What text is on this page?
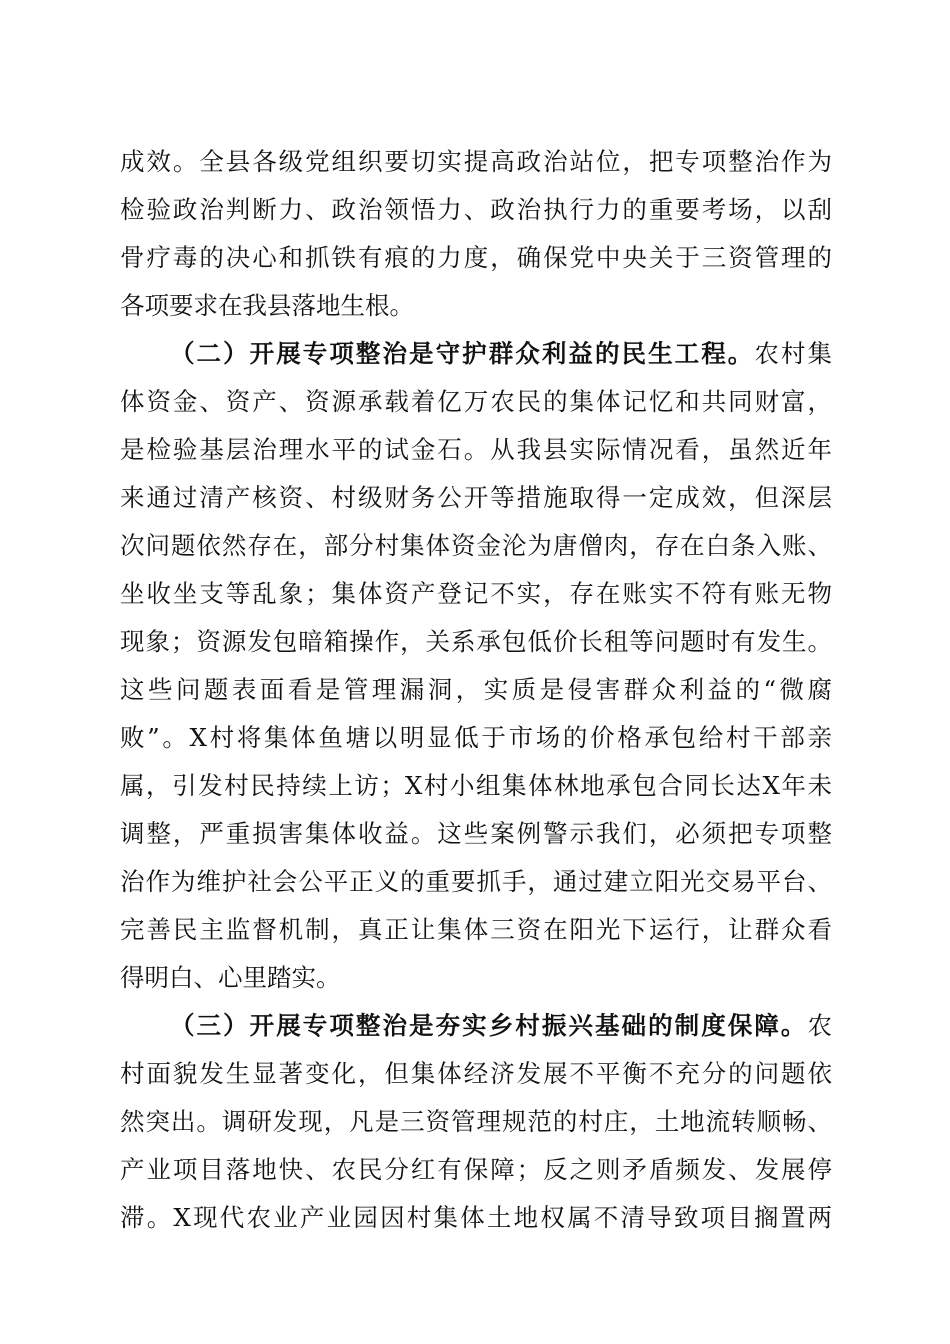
成效。全县各级党组织要切实提高政治站位，把专项整治作为
检验政治判断力、政治领悟力、政治执行力的重要考场，以刮
骨疗毒的决心和抓铁有痕的力度，确保党中央关于三资管理的
各项要求在我县落地生根。
（二）开展专项整治是守护群众利益的民生工程。农村集
体资金、资产、资源承载着亿万农民的集体记忆和共同财富，
是检验基层治理水平的试金石。从我县实际情况看，虽然近年
来通过清产核资、村级财务公开等措施取得一定成效，但深层
次问题依然存在，部分村集体资金沦为唐僧肉，存在白条入账、
坐收坐支等乱象；集体资产登记不实，存在账实不符有账无物
现象；资源发包暗箱操作，关系承包低价长租等问题时有发生。
这些问题表面看是管理漏洞，实质是侵害群众利益的“微腐
败”。X村将集体鱼塘以明显低于市场的价格承包给村干部亲
属，引发村民持续上访；X村小组集体林地承包合同长达X年未
调整，严重损害集体收益。这些案例警示我们，必须把专项整
治作为维护社会公平正义的重要抓手，通过建立阳光交易平台、
完善民主监督机制，真正让集体三资在阳光下运行，让群众看
得明白、心里踏实。
（三）开展专项整治是夯实乡村振兴基础的制度保障。农
村面貌发生显著变化，但集体经济发展不平衡不充分的问题依
然突出。调研发现，凡是三资管理规范的村庄，土地流转顺畅、
产业项目落地快、农民分红有保障；反之则矛盾频发、发展停
滞。X现代农业产业园因村集体土地权属不清导致项目搁置两
